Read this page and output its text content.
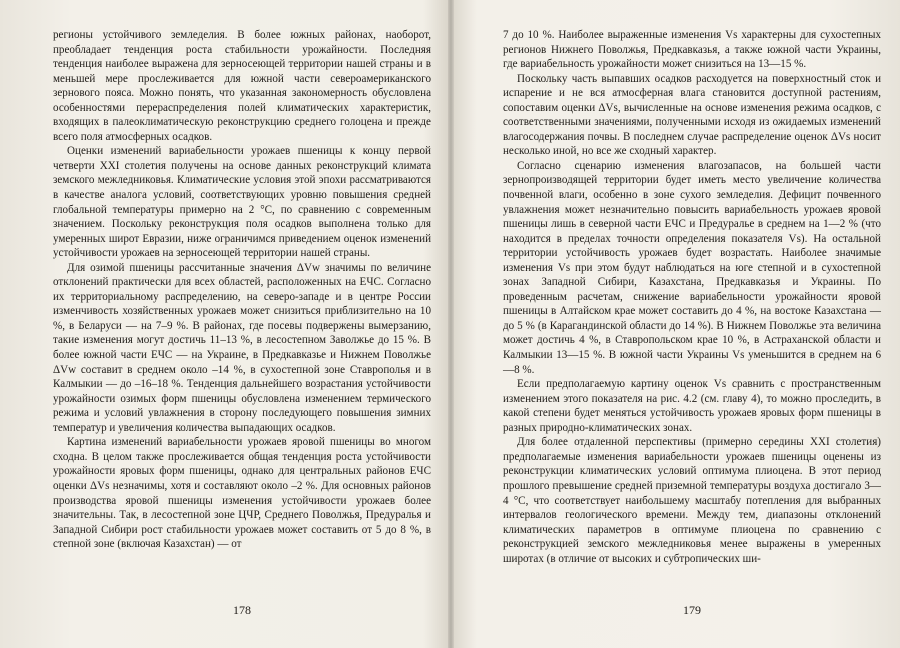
регионы устойчивого земледелия. В более южных районах, наоборот, преобладает тенденция роста стабильности урожайности. Последняя тенденция наиболее выражена для зерносеющей территории нашей страны и в меньшей мере прослеживается для южной части североамериканского зернового пояса. Можно понять, что указанная закономерность обусловлена особенностями перераспределения полей климатических характеристик, входящих в палеоклиматическую реконструкцию среднего голоцена и прежде всего поля атмосферных осадков.

Оценки изменений вариабельности урожаев пшеницы к концу первой четверти XXI столетия получены на основе данных реконструкций климата земского межледниковья. Климатические условия этой эпохи рассматриваются в качестве аналога условий, соответствующих уровню повышения средней глобальной температуры примерно на 2 °С, по сравнению с современным значением. Поскольку реконструкция поля осадков выполнена только для умеренных широт Евразии, ниже ограничимся приведением оценок изменений устойчивости урожаев на зерносеющей территории нашей страны.

Для озимой пшеницы рассчитанные значения ΔVw значимы по величине отклонений практически для всех областей, расположенных на ЕЧС. Согласно их территориальному распределению, на северо-западе и в центре России изменчивость хозяйственных урожаев может снизиться приблизительно на 10 %, в Беларуси — на 7–9 %. В районах, где посевы подвержены вымерзанию, такие изменения могут достичь 11–13 %, в лесостепном Заволжье до 15 %. В более южной части ЕЧС — на Украине, в Предкавказье и Нижнем Поволжье ΔVw составит в среднем около –14 %, в сухостепной зоне Ставрополья и в Калмыкии — до –16–18 %. Тенденция дальнейшего возрастания устойчивости урожайности озимых форм пшеницы обусловлена изменением термического режима и условий увлажнения в сторону последующего повышения зимних температур и увеличения количества выпадающих осадков.

Картина изменений вариабельности урожаев яровой пшеницы во многом сходна. В целом также прослеживается общая тенденция роста устойчивости урожайности яровых форм пшеницы, однако для центральных районов ЕЧС оценки ΔVs незначимы, хотя и составляют около –2 %. Для основных районов производства яровой пшеницы изменения устойчивости урожаев более значительны. Так, в лесостепной зоне ЦЧР, Среднего Поволжья, Предуралья и Западной Сибири рост стабильности урожаев может составить от 5 до 8 %, в степной зоне (включая Казахстан) — от

178

7 до 10 %. Наиболее выраженные изменения Vs характерны для сухостепных регионов Нижнего Поволжья, Предкавказья, а также южной части Украины, где вариабельность урожайности может снизиться на 13—15 %.

Поскольку часть выпавших осадков расходуется на поверхностный сток и испарение и не вся атмосферная влага становится доступной растениям, сопоставим оценки ΔVs, вычисленные на основе изменения режима осадков, с соответственными значениями, полученными исходя из ожидаемых изменений влагосодержания почвы. В последнем случае распределение оценок ΔVs носит несколько иной, но все же сходный характер.

Согласно сценарию изменения влагозапасов, на большей части зернопроизводящей территории будет иметь место увеличение количества почвенной влаги, особенно в зоне сухого земледелия. Дефицит почвенного увлажнения может незначительно повысить вариабельность урожаев яровой пшеницы лишь в северной части ЕЧС и Предуралье в среднем на 1—2 % (что находится в пределах точности определения показателя Vs). На остальной территории устойчивость урожаев будет возрастать. Наиболее значимые изменения Vs при этом будут наблюдаться на юге степной и в сухостепной зонах Западной Сибири, Казахстана, Предкавказья и Украины. По проведенным расчетам, снижение вариабельности урожайности яровой пшеницы в Алтайском крае может составить до 4 %, на востоке Казахстана — до 5 % (в Карагандинской области до 14 %). В Нижнем Поволжье эта величина может достичь 4 %, в Ставропольском крае 10 %, в Астраханской области и Калмыкии 13—15 %. В южной части Украины Vs уменьшится в среднем на 6—8 %.

Если предполагаемую картину оценок Vs сравнить с пространственным изменением этого показателя на рис. 4.2 (см. главу 4), то можно проследить, в какой степени будет меняться устойчивость урожаев яровых форм пшеницы в разных природно-климатических зонах.

Для более отдаленной перспективы (примерно середины XXI столетия) предполагаемые изменения вариабельности урожаев пшеницы оценены из реконструкции климатических условий оптимума плиоцена. В этот период прошлого превышение средней приземной температуры воздуха достигало 3—4 °С, что соответствует наибольшему масштабу потепления для выбранных интервалов геологического времени. Между тем, диапазоны отклонений климатических параметров в оптимуме плиоцена по сравнению с реконструкцией земского межледниковья менее выражены в умеренных широтах (в отличие от высоких и субтропических ши-

179
